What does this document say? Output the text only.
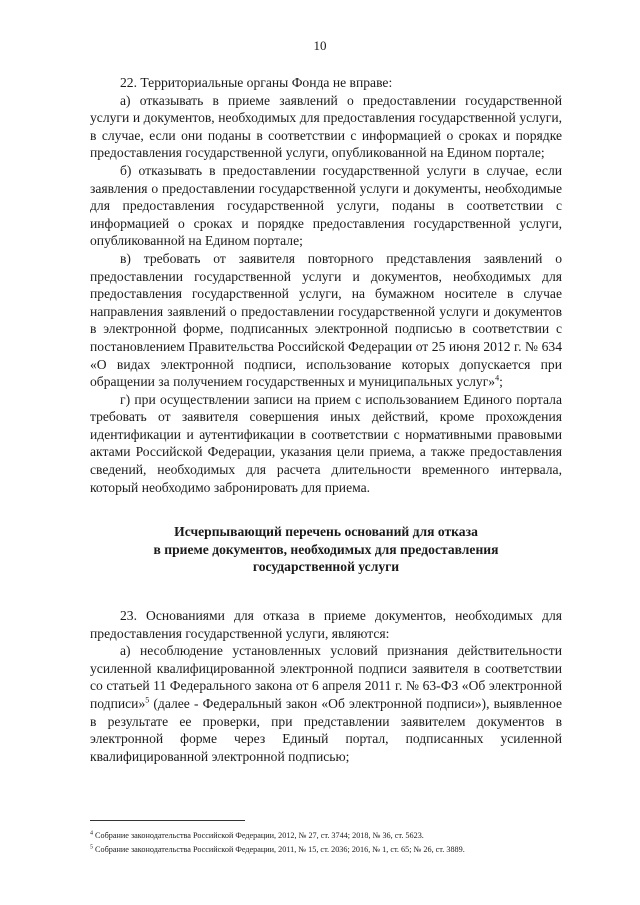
10

22. Территориальные органы Фонда не вправе:

а) отказывать в приеме заявлений о предоставлении государственной услуги и документов, необходимых для предоставления государственной услуги, в случае, если они поданы в соответствии с информацией о сроках и порядке предоставления государственной услуги, опубликованной на Едином портале;

б) отказывать в предоставлении государственной услуги в случае, если заявления о предоставлении государственной услуги и документы, необходимые для предоставления государственной услуги, поданы в соответствии с информацией о сроках и порядке предоставления государственной услуги, опубликованной на Едином портале;

в) требовать от заявителя повторного представления заявлений о предоставлении государственной услуги и документов, необходимых для предоставления государственной услуги, на бумажном носителе в случае направления заявлений о предоставлении государственной услуги и документов в электронной форме, подписанных электронной подписью в соответствии с постановлением Правительства Российской Федерации от 25 июня 2012 г. № 634 «О видах электронной подписи, использование которых допускается при обращении за получением государственных и муниципальных услуг»$^4$;

г) при осуществлении записи на прием с использованием Единого портала требовать от заявителя совершения иных действий, кроме прохождения идентификации и аутентификации в соответствии с нормативными правовыми актами Российской Федерации, указания цели приема, а также предоставления сведений, необходимых для расчета длительности временного интервала, который необходимо забронировать для приема.

Исчерпывающий перечень оснований для отказа
в приеме документов, необходимых для предоставления
государственной услуги

23. Основаниями для отказа в приеме документов, необходимых для предоставления государственной услуги, являются:

а) несоблюдение установленных условий признания действительности усиленной квалифицированной электронной подписи заявителя в соответствии со статьей 11 Федерального закона от 6 апреля 2011 г. № 63-ФЗ «Об электронной подписи»$^5$ (далее - Федеральный закон «Об электронной подписи»), выявленное в результате ее проверки, при представлении заявителем документов в электронной форме через Единый портал, подписанных усиленной квалифицированной электронной подписью;

$^4$ Собрание законодательства Российской Федерации, 2012, № 27, ст. 3744; 2018, № 36, ст. 5623.
$^5$ Собрание законодательства Российской Федерации, 2011, № 15, ст. 2036; 2016, № 1, ст. 65; № 26, ст. 3889.
